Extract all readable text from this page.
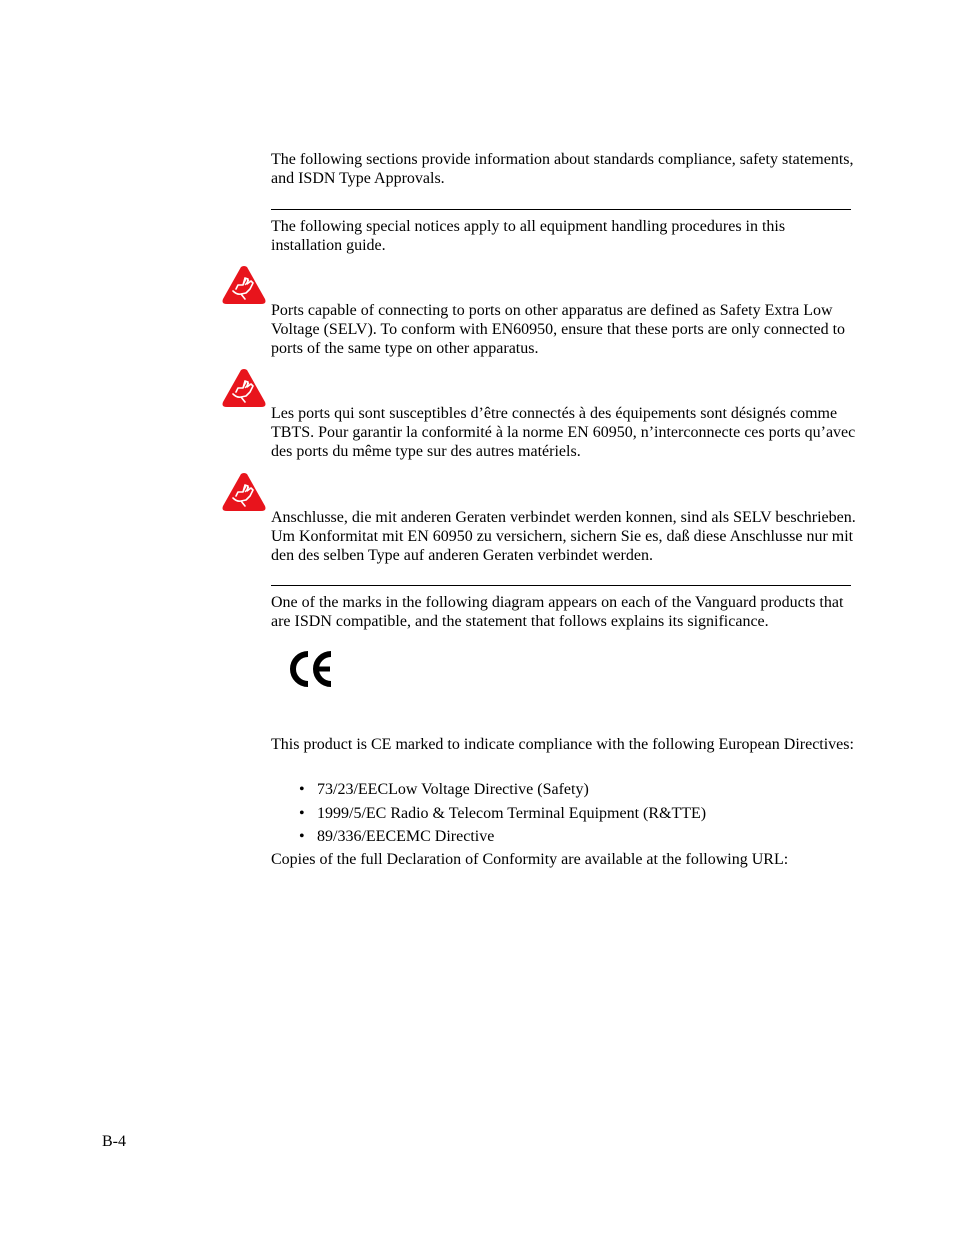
The following sections provide information about standards compliance, safety statements, and ISDN Type Approvals.

The following special notices apply to all equipment handling procedures in this installation guide.

Ports capable of connecting to ports on other apparatus are defined as Safety Extra Low Voltage (SELV). To conform with EN60950, ensure that these ports are only connected to ports of the same type on other apparatus.

Les ports qui sont susceptibles d’être connectés à des équipements sont désignés comme TBTS. Pour garantir la conformité à la norme EN 60950, n’interconnecte ces ports qu’avec des ports du même type sur des autres matériels.

Anschlusse, die mit anderen Geraten verbindet werden konnen, sind als SELV beschrieben. Um Konformitat mit EN 60950 zu versichern, sichern Sie es, daß diese Anschlusse nur mit den des selben Type auf anderen Geraten verbindet werden.

One of the marks in the following diagram appears on each of the Vanguard products that are ISDN compatible, and the statement that follows explains its significance.

This product is CE marked to indicate compliance with the following European Directives:

• 73/23/EECLow Voltage Directive (Safety)
• 1999/5/EC Radio & Telecom Terminal Equipment (R&TTE)
• 89/336/EECEMC Directive

Copies of the full Declaration of Conformity are available at the following URL:

B-4
